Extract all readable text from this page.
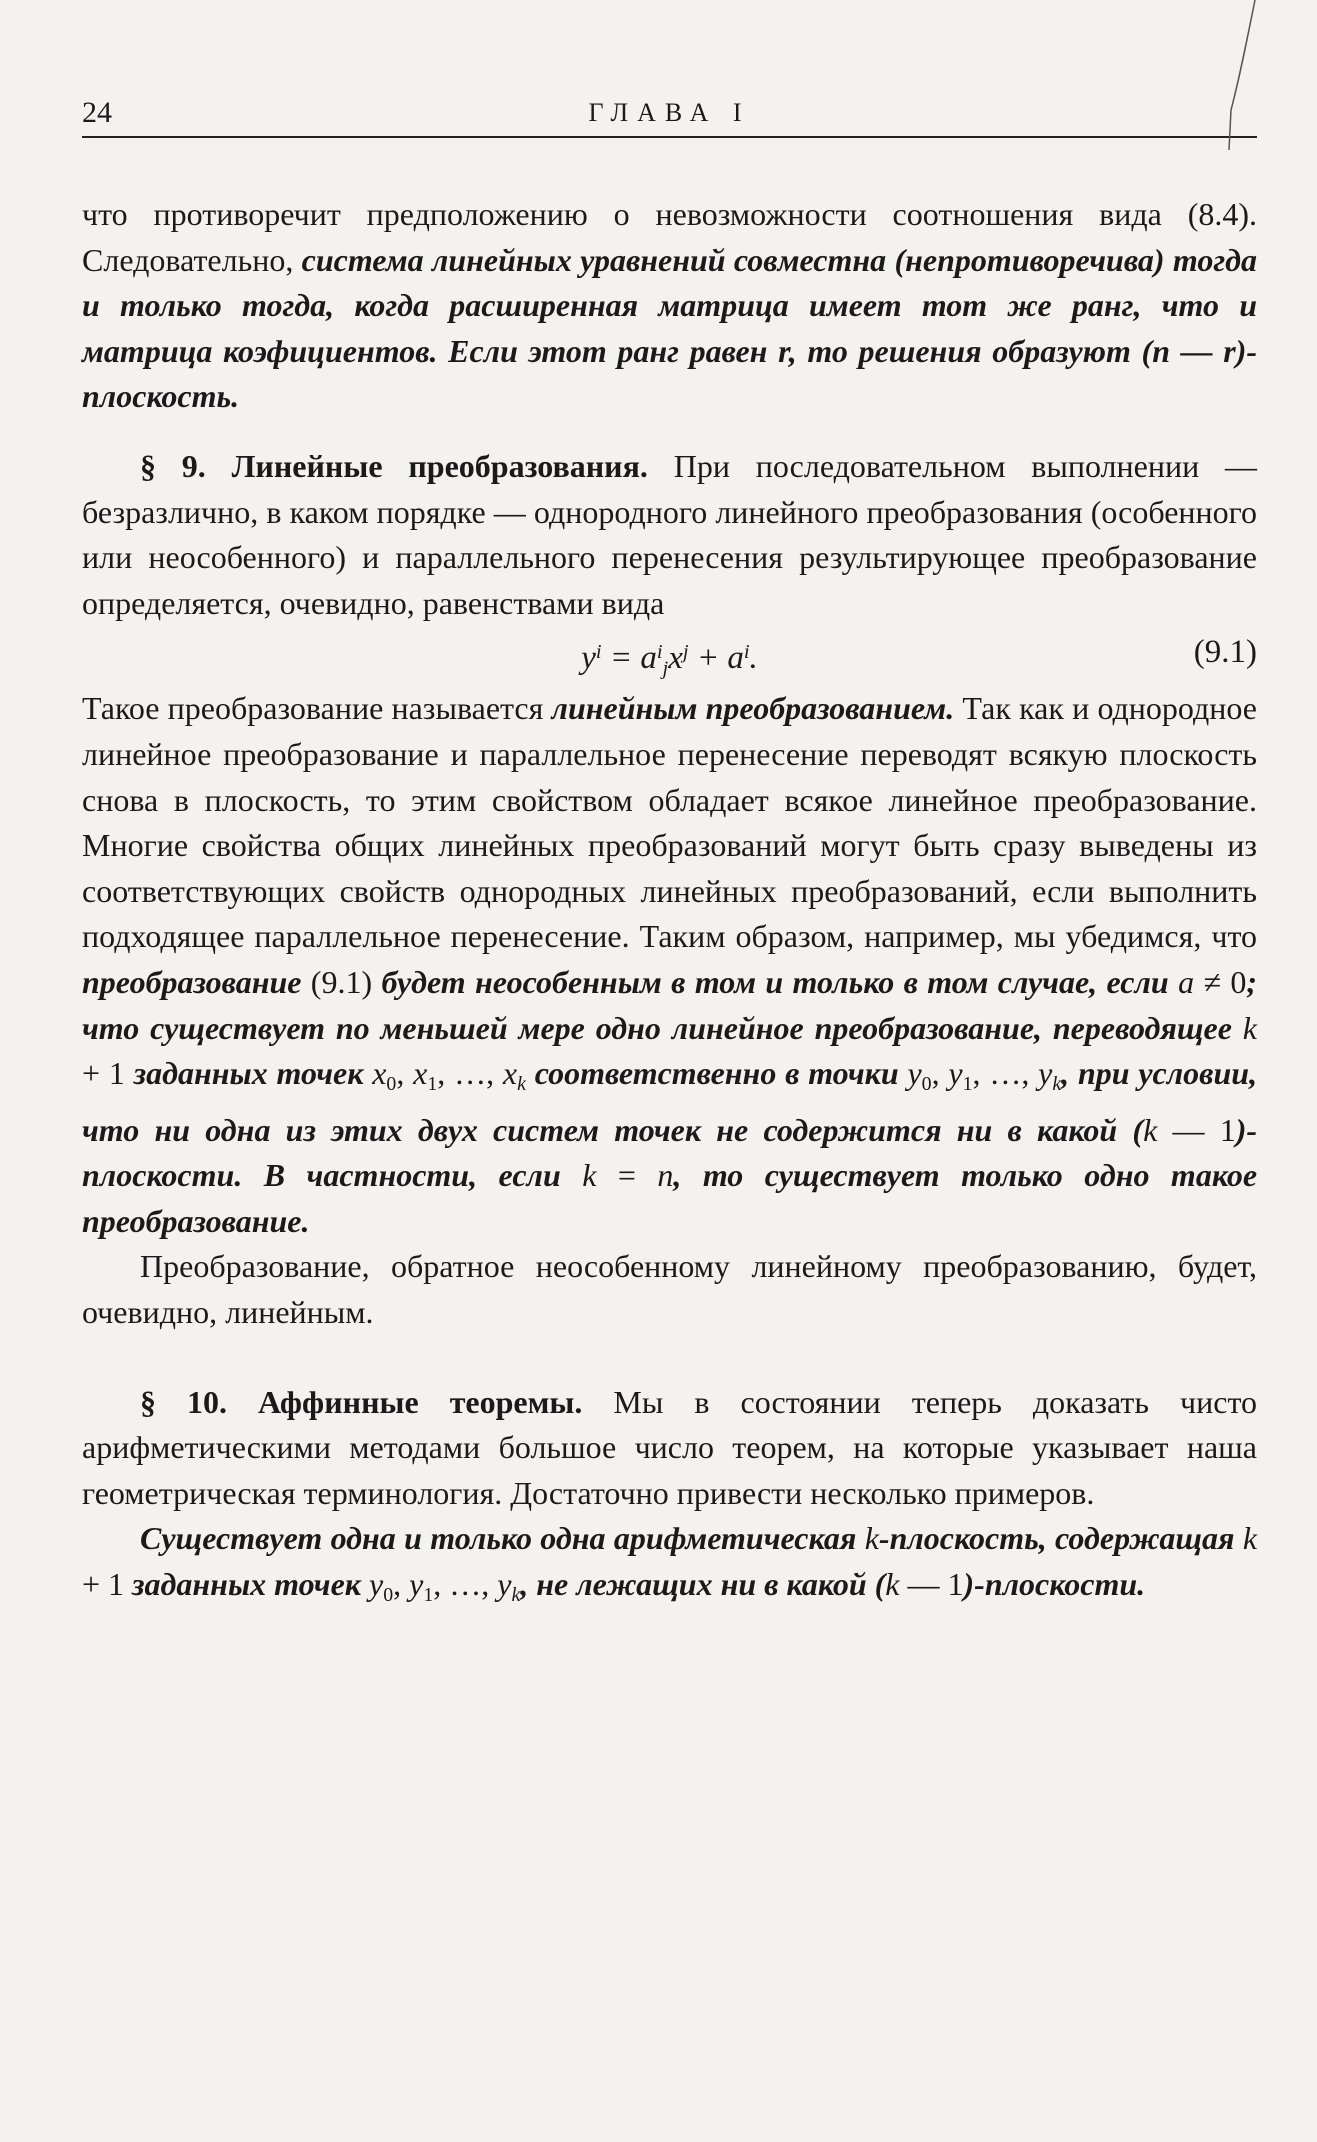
24	ГЛАВА I

что противоречит предположению о невозможности соотношения вида (8.4). Следовательно, система линейных уравнений совместна (непротиворечива) тогда и только тогда, когда расширенная матрица имеет тот же ранг, что и матрица коэфициентов. Если этот ранг равен r, то решения образуют (n — r)-плоскость.

§ 9. Линейные преобразования. При последовательном выполнении — безразлично, в каком порядке — однородного линейного преобразования (особенного или неособенного) и параллельного перенесения результирующее преобразование определяется, очевидно, равенствами вида

$y^i = a^i_jx^j + a^i$.	(9.1)

Такое преобразование называется линейным преобразованием. Так как и однородное линейное преобразование и параллельное перенесение переводят всякую плоскость снова в плоскость, то этим свойством обладает всякое линейное преобразование. Многие свойства общих линейных преобразований могут быть сразу выведены из соответствующих свойств однородных линейных преобразований, если выполнить подходящее параллельное перенесение. Таким образом, например, мы убедимся, что преобразование (9.1) будет неособенным в том и только в том случае, если a ≠ 0; что существует по меньшей мере одно линейное преобразование, переводящее k + 1 заданных точек $x_0$, $x_1$, …, $x_k$ соответственно в точки $y_0$, $y_1$, …, $y_k$, при условии, что ни одна из этих двух систем точек не содержится ни в какой (k — 1)-плоскости. В частности, если k = n, то существует только одно такое преобразование.

Преобразование, обратное неособенному линейному преобразованию, будет, очевидно, линейным.

§ 10. Аффинные теоремы. Мы в состоянии теперь доказать чисто арифметическими методами большое число теорем, на которые указывает наша геометрическая терминология. Достаточно привести несколько примеров.

Существует одна и только одна арифметическая k-плоскость, содержащая k + 1 заданных точек $y_0$, $y_1$, …, $y_k$, не лежащих ни в какой (k — 1)-плоскости.
